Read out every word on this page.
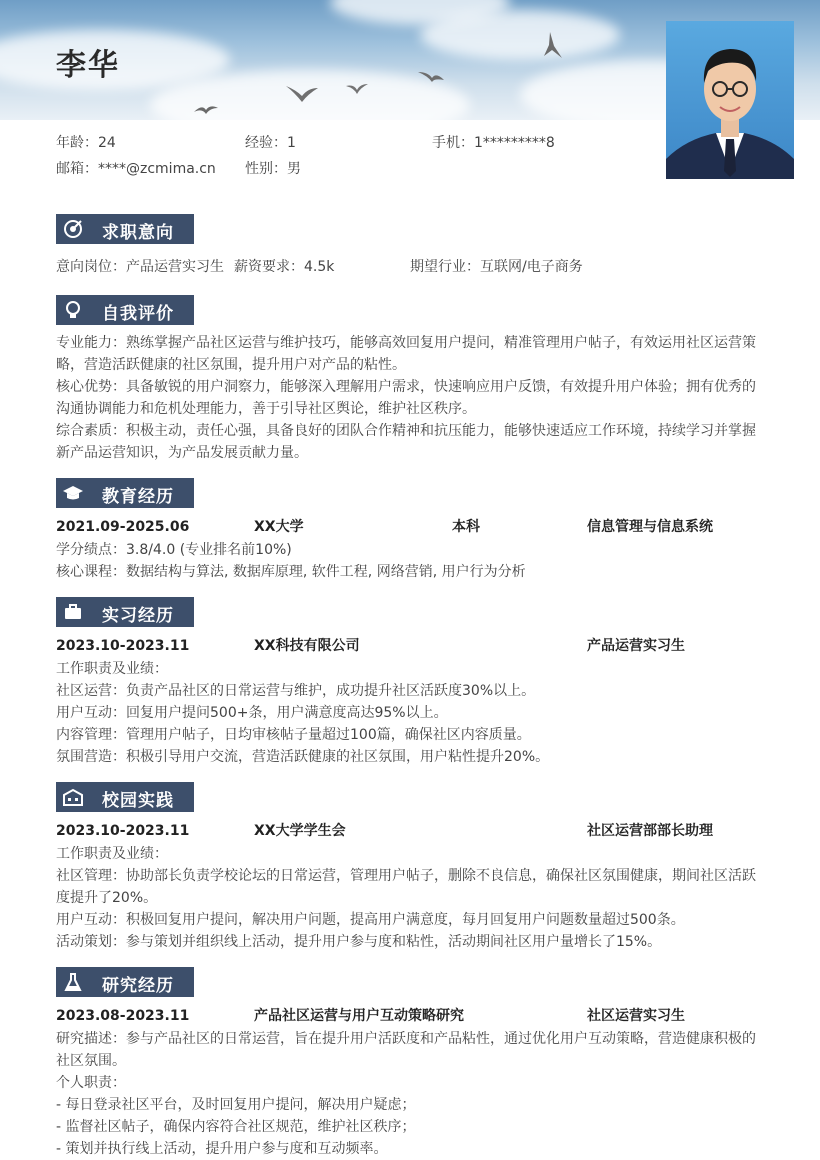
李华
年龄：24	经验：1	手机：1*********8
邮箱：****@zcmima.cn 性别：男
求职意向
意向岗位：产品运营实习生 薪资要求：4.5k	期望行业：互联网/电子商务
自我评价
专业能力：熟练掌握产品社区运营与维护技巧，能够高效回复用户提问，精准管理用户帖子，有效运用社区运营策
略，营造活跃健康的社区氛围，提升用户对产品的粘性。
核心优势：具备敏锐的用户洞察力，能够深入理解用户需求，快速响应用户反馈，有效提升用户体验；拥有优秀的
沟通协调能力和危机处理能力，善于引导社区舆论，维护社区秩序。
综合素质：积极主动，责任心强，具备良好的团队合作精神和抗压能力，能够快速适应工作环境，持续学习并掌握
新产品运营知识，为产品发展贡献力量。
教育经历
2021.09-2025.06	XX大学	本科	信息管理与信息系统
学分绩点：3.8/4.0 (专业排名前10%)
核心课程：数据结构与算法, 数据库原理, 软件工程, 网络营销, 用户行为分析
实习经历
2023.10-2023.11	XX科技有限公司	产品运营实习生
工作职责及业绩：
社区运营：负责产品社区的日常运营与维护，成功提升社区活跃度30%以上。
用户互动：回复用户提问500+条，用户满意度高达95%以上。
内容管理：管理用户帖子，日均审核帖子量超过100篇，确保社区内容质量。
氛围营造：积极引导用户交流，营造活跃健康的社区氛围，用户粘性提升20%。
校园实践
2023.10-2023.11	XX大学学生会	社区运营部部长助理
工作职责及业绩：
社区管理：协助部长负责学校论坛的日常运营，管理用户帖子，删除不良信息，确保社区氛围健康，期间社区活跃
度提升了20%。
用户互动：积极回复用户提问，解决用户问题，提高用户满意度，每月回复用户问题数量超过500条。
活动策划：参与策划并组织线上活动，提升用户参与度和粘性，活动期间社区用户量增长了15%。
研究经历
2023.08-2023.11	产品社区运营与用户互动策略研究	社区运营实习生
研究描述：参与产品社区的日常运营，旨在提升用户活跃度和产品粘性，通过优化用户互动策略，营造健康积极的
社区氛围。
个人职责：
- 每日登录社区平台，及时回复用户提问，解决用户疑虑；
- 监督社区帖子，确保内容符合社区规范，维护社区秩序；
- 策划并执行线上活动，提升用户参与度和互动频率。
